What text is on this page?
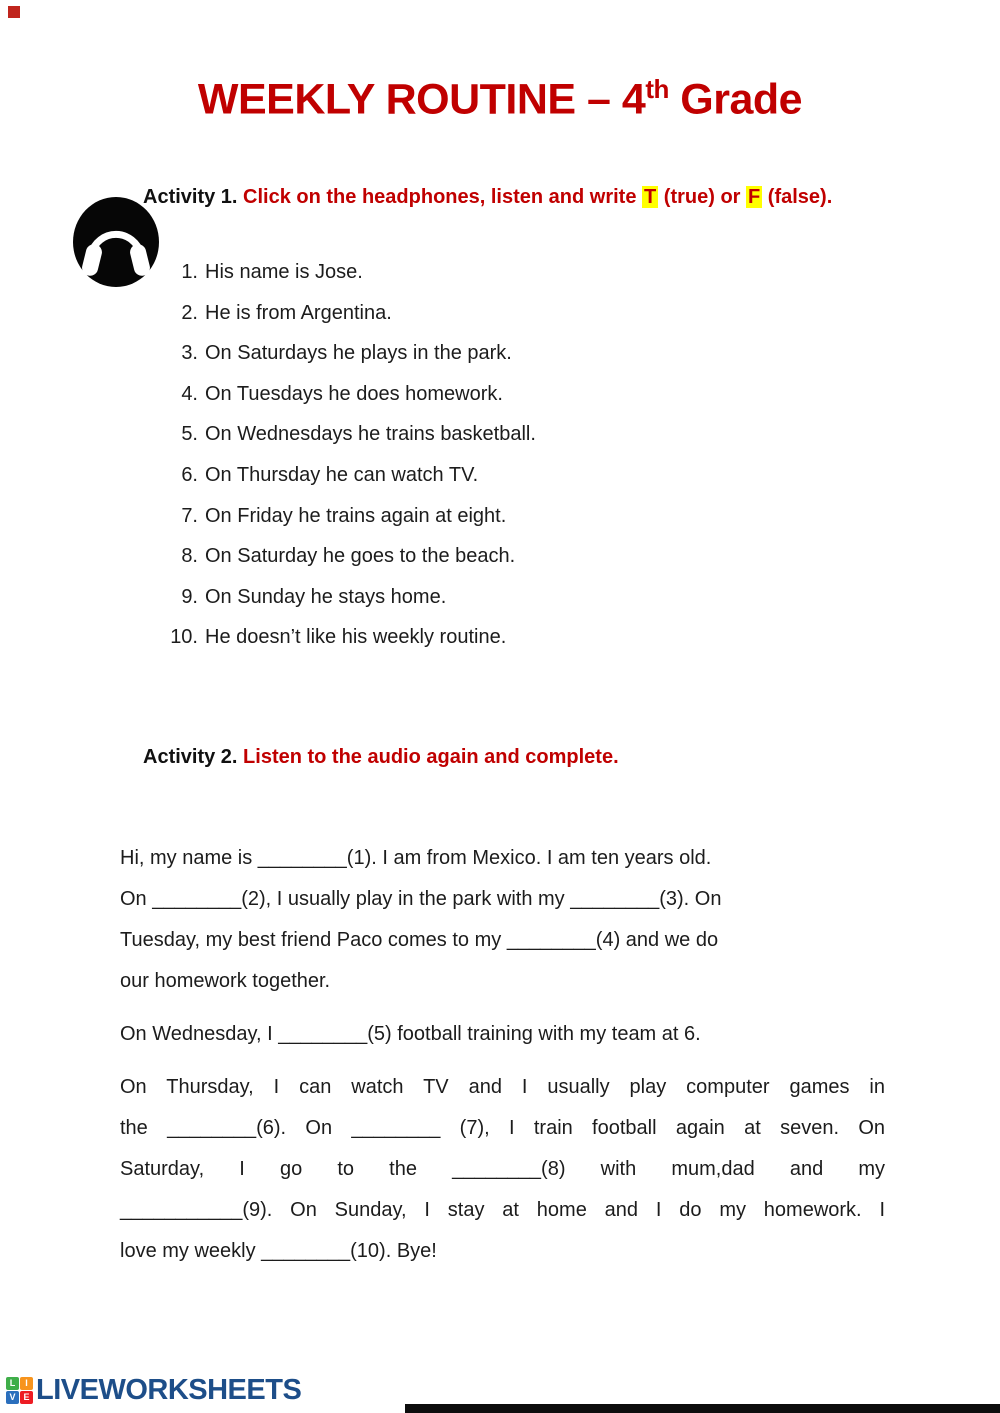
WEEKLY ROUTINE – 4th Grade
Activity 1. Click on the headphones, listen and write T (true) or F (false).
1. His name is Jose.
2. He is from Argentina.
3. On Saturdays he plays in the park.
4. On Tuesdays he does homework.
5. On Wednesdays he trains basketball.
6. On Thursday he can watch TV.
7. On Friday he trains again at eight.
8. On Saturday he goes to the beach.
9. On Sunday he stays home.
10. He doesn’t like his weekly routine.
Activity 2. Listen to the audio again and complete.
Hi, my name is ________(1). I am from Mexico. I am ten years old.
On ________(2), I usually play in the park with my ________(3). On
Tuesday, my best friend Paco comes to my ________(4) and we do
our homework together.
On Wednesday, I ________(5) football training with my team at 6.
On Thursday, I can watch TV and I usually play computer games in
the ________(6). On ________ (7), I train football again at seven. On
Saturday, I go to the ________(8) with mum,dad and my
___________(9). On Sunday, I stay at home and I do my homework. I
love my weekly ________(10). Bye!
L	I
V E LIVEWORKSHEETS
